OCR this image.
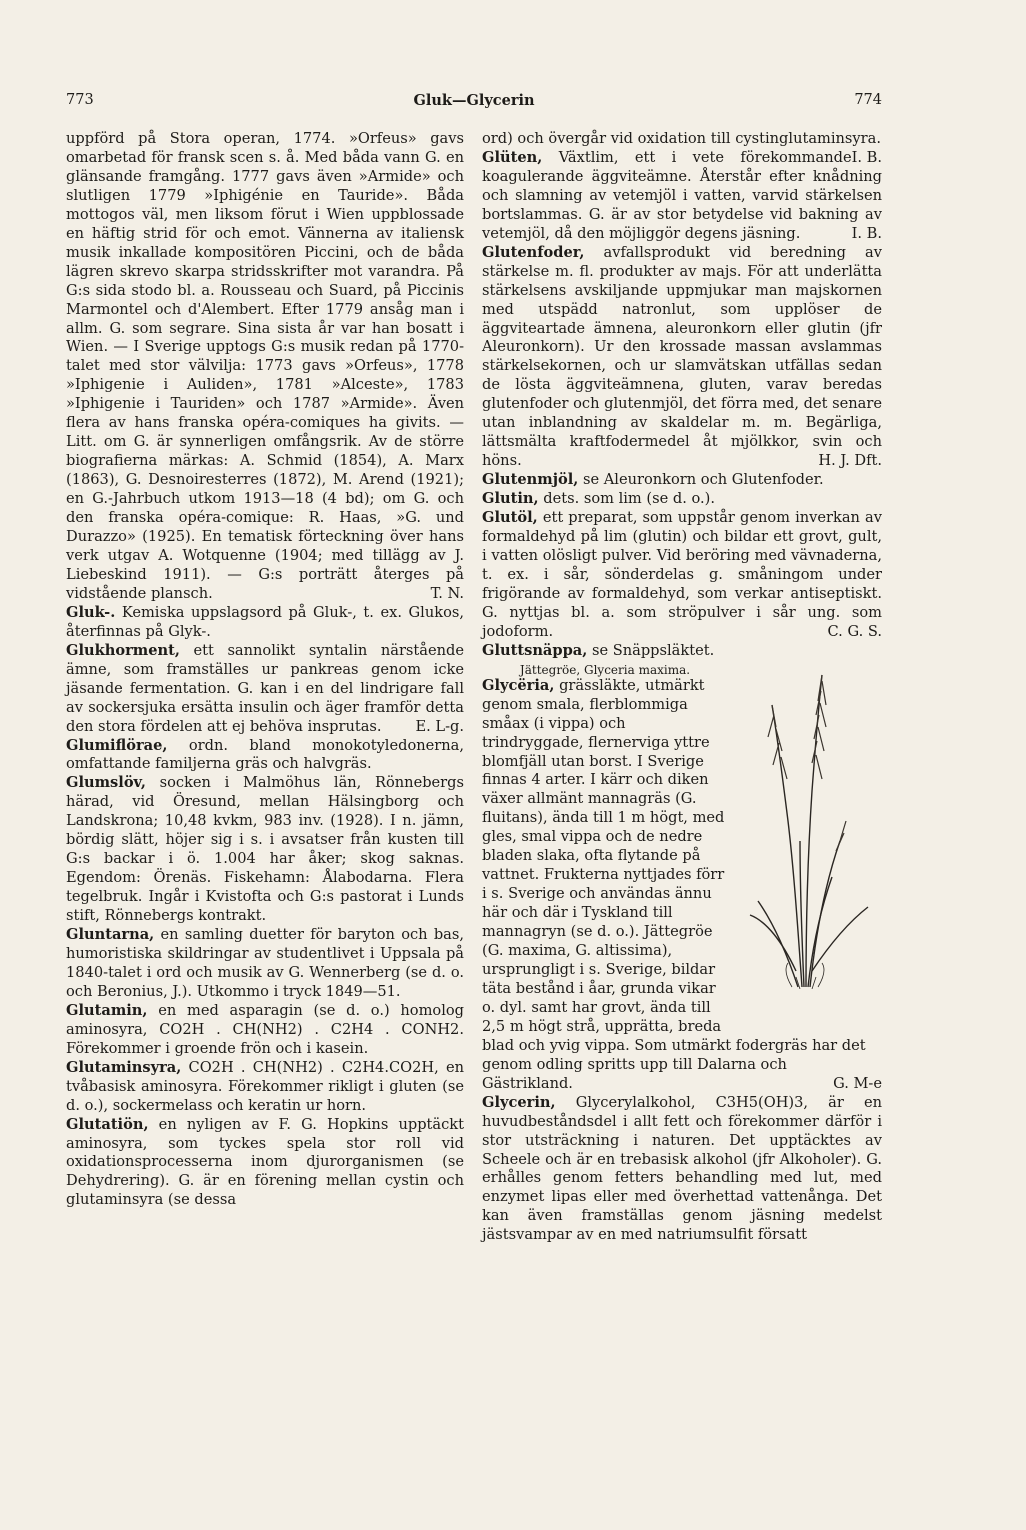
773	Gluk—Glycerin	774

uppförd på Stora operan, 1774. »Orfeus» gavs omarbetad för fransk scen s. å. Med båda vann G. en glänsande framgång. 1777 gavs även »Armide» och slutligen 1779 »Iphigénie en Tauride». Båda mottogos väl, men liksom förut i Wien uppblossade en häftig strid för och emot. Vännerna av italiensk musik inkallade kompositören Piccini, och de båda lägren skrevo skarpa stridsskrifter mot varandra. På G:s sida stodo bl. a. Rousseau och Suard, på Piccinis Marmontel och d'Alembert. Efter 1779 ansåg man i allm. G. som segrare. Sina sista år var han bosatt i Wien. — I Sverige upptogs G:s musik redan på 1770-talet med stor välvilja: 1773 gavs »Orfeus», 1778 »Iphigenie i Auliden», 1781 »Alceste», 1783 »Iphigenie i Tauriden» och 1787 »Armide». Även flera av hans franska opéra-comiques ha givits. — Litt. om G. är synnerligen omfångsrik. Av de större biografierna märkas: A. Schmid (1854), A. Marx (1863), G. Desnoiresterres (1872), M. Arend (1921); en G.-Jahrbuch utkom 1913—18 (4 bd); om G. och den franska opéra-comique: R. Haas, »G. und Durazzo» (1925). En tematisk förteckning över hans verk utgav A. Wotquenne (1904; med tillägg av J. Liebeskind 1911). — G:s porträtt återges på vidstående plansch.	T. N.

Gluk-. Kemiska uppslagsord på Gluk-, t. ex. Glukos, återfinnas på Glyk-.

Glukhorment, ett sannolikt syntalin närstående ämne, som framställes ur pankreas genom icke jäsande fermentation. G. kan i en del lindrigare fall av sockersjuka ersätta insulin och äger framför detta den stora fördelen att ej behöva insprutas. E. L-g.

Glumiflörae, ordn. bland monokotyledonerna, omfattande familjerna gräs och halvgräs.

Glumslöv, socken i Malmöhus län, Rönnebergs härad, vid Öresund, mellan Hälsingborg och Landskrona; 10,48 kvkm, 983 inv. (1928). I n. jämn, bördig slätt, höjer sig i s. i avsatser från kusten till G:s backar i ö. 1.004 har åker; skog saknas. Egendom: Örenäs. Fiskehamn: Ålabodarna. Flera tegelbruk. Ingår i Kvistofta och G:s pastorat i Lunds stift, Rönnebergs kontrakt.

Gluntarna, en samling duetter för baryton och bas, humoristiska skildringar av studentlivet i Uppsala på 1840-talet i ord och musik av G. Wennerberg (se d. o. och Beronius, J.). Utkommo i tryck 1849—51.

Glutamin, en med asparagin (se d. o.) homolog aminosyra, CO2H . CH(NH2) . C2H4 . CONH2. Förekommer i groende frön och i kasein.

Glutaminsyra, CO2H . CH(NH2) . C2H4.CO2H, en tvåbasisk aminosyra. Förekommer rikligt i gluten (se d. o.), sockermelass och keratin ur horn.

Glutatiön, en nyligen av F. G. Hopkins upptäckt aminosyra, som tyckes spela stor roll vid oxidationsprocesserna inom djurorganismen (se Dehydrering). G. är en förening mellan cystin och glutaminsyra (se dessa

ord) och övergår vid oxidation till cystinglutaminsyra.
I. B.

Glüten, Växtlim, ett i vete förekommande koagulerande äggviteämne. Återstår efter knådning och slamning av vetemjöl i vatten, varvid stärkelsen bortslammas. G. är av stor betydelse vid bakning av vetemjöl, då den möjliggör degens jäsning.	I. B.

Glutenfoder, avfallsprodukt vid beredning av stärkelse m. fl. produkter av majs. För att underlätta stärkelsens avskiljande uppmjukar man majskornen med utspädd natronlut, som upplöser de äggviteartade ämnena, aleuronkorn eller glutin (jfr Aleuronkorn). Ur den krossade massan avslammas stärkelsekornen, och ur slamvätskan utfällas sedan de lösta äggviteämnena, gluten, varav beredas glutenfoder och glutenmjöl, det förra med, det senare utan inblandning av skaldelar m. m. Begärliga, lättsmälta kraftfodermedel åt mjölkkor, svin och höns.	H. J. Dft.

Glutenmjöl, se Aleuronkorn och Glutenfoder.

Glutin, dets. som lim (se d. o.).

Glutöl, ett preparat, som uppstår genom inverkan av formaldehyd på lim (glutin) och bildar ett grovt, gult, i vatten olösligt pulver. Vid beröring med vävnaderna, t. ex. i sår, sönderdelas g. småningom under frigörande av formaldehyd, som verkar antiseptiskt. G. nyttjas bl. a. som ströpulver i sår ung. som jodoform.	C. G. S.

Gluttsnäppa, se Snäppsläktet.

Jättegröe, Glyceria maxima.
Glycëria, grässläkte, utmärkt genom smala, flerblommiga småax (i vippa) och trindryggade, flernerviga yttre blomfjäll utan borst. I Sverige finnas 4 arter. I kärr och diken växer allmänt mannagräs (G. fluitans), ända till 1 m högt, med gles, smal vippa och de nedre bladen slaka, ofta flytande på vattnet. Frukterna nyttjades förr i s. Sverige och användas ännu här och där i Tyskland till mannagryn (se d. o.). Jättegröe (G. maxima, G. altissima), ursprungligt i s. Sverige, bildar täta bestånd i åar, grunda vikar o. dyl. samt har grovt, ända till 2,5 m högt strå, upprätta, breda blad och yvig vippa. Som utmärkt fodergräs har det genom odling spritts upp till Dalarna och Gästrikland.	G. M-e

Glycerin, Glycerylalkohol, C3H5(OH)3, är en huvudbeståndsdel i allt fett och förekommer därför i stor utsträckning i naturen. Det upptäcktes av Scheele och är en trebasisk alkohol (jfr Alkoholer). G. erhålles genom fetters behandling med lut, med enzymet lipas eller med överhettad vattenånga. Det kan även framställas genom jäsning medelst jästsvampar av en med natriumsulfit försatt
